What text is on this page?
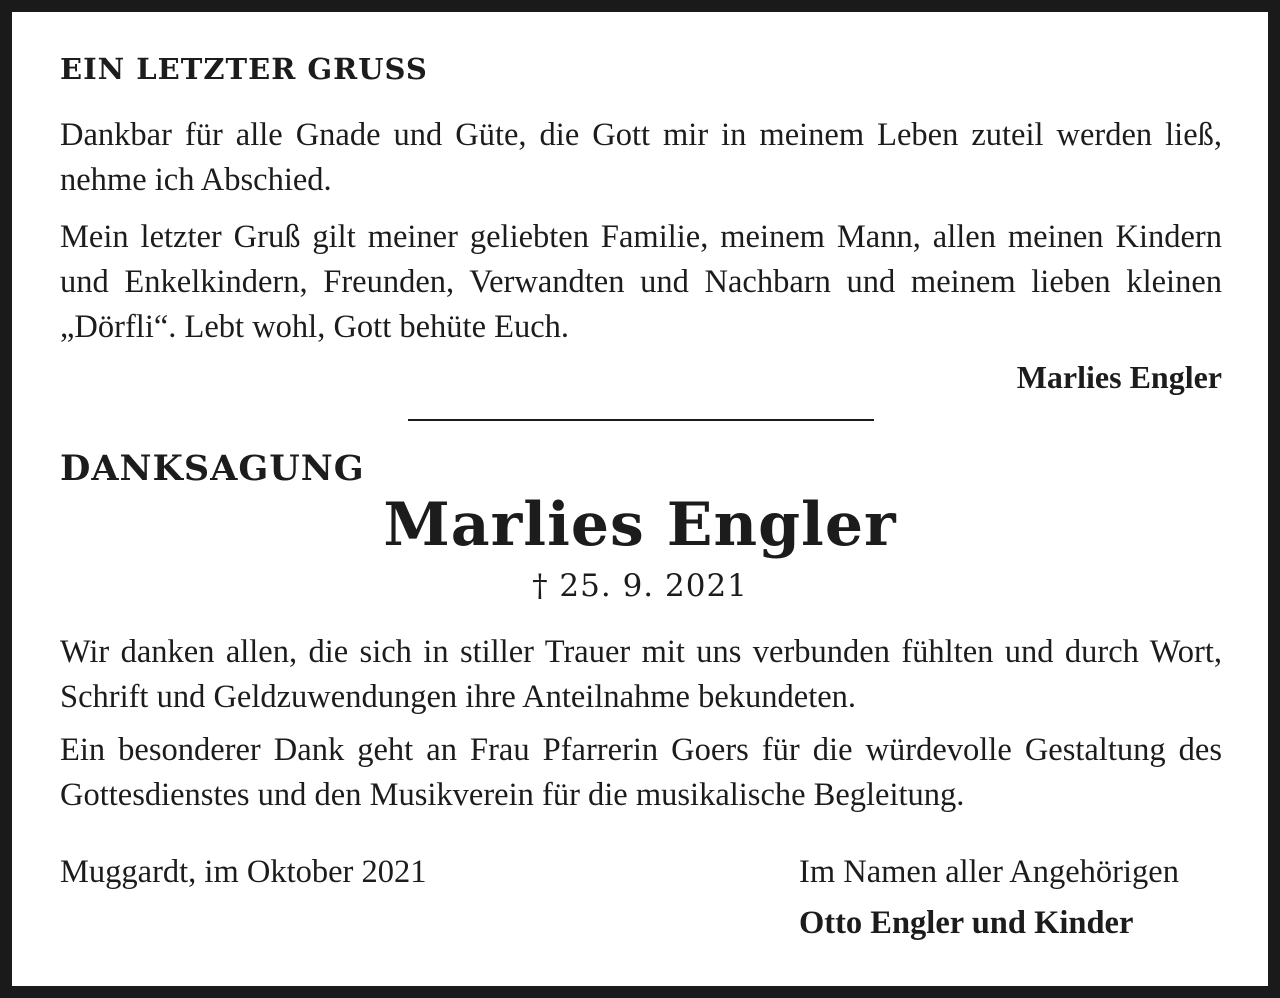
EIN LETZTER GRUSS

Dankbar für alle Gnade und Güte, die Gott mir in meinem Leben zuteil werden ließ, nehme ich Abschied.

Mein letzter Gruß gilt meiner geliebten Familie, meinem Mann, allen meinen Kindern und Enkelkindern, Freunden, Verwandten und Nachbarn und meinem lieben kleinen „Dörfli“. Lebt wohl, Gott behüte Euch.

Marlies Engler
DANKSAGUNG
Marlies Engler
† 25. 9. 2021

Wir danken allen, die sich in stiller Trauer mit uns verbunden fühlten und durch Wort, Schrift und Geldzuwendungen ihre Anteilnahme bekundeten.

Ein besonderer Dank geht an Frau Pfarrerin Goers für die würdevolle Gestaltung des Gottesdienstes und den Musikverein für die musikalische Begleitung.

Muggardt, im Oktober 2021	Im Namen aller Angehörigen
Otto Engler und Kinder
